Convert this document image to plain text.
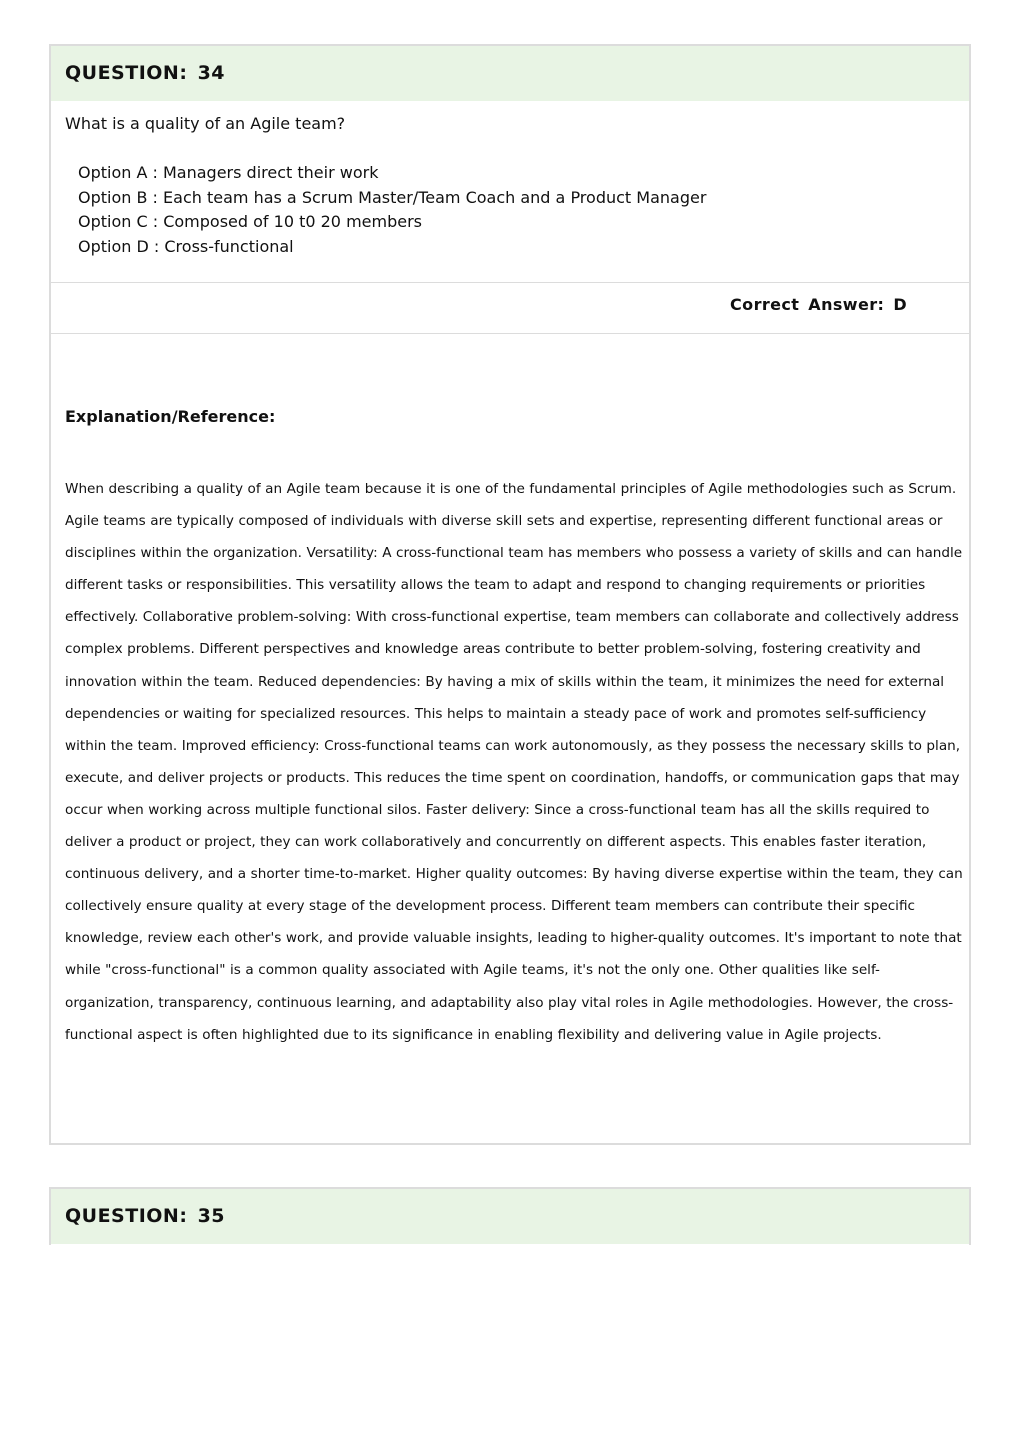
QUESTION: 34

What is a quality of an Agile team?

Option A : Managers direct their work
Option B : Each team has a Scrum Master/Team Coach and a Product Manager
Option C : Composed of 10 t0 20 members
Option D : Cross-functional
Correct Answer: D

Explanation/Reference:

When describing a quality of an Agile team because it is one of the fundamental principles of Agile methodologies such as Scrum. Agile teams are typically composed of individuals with diverse skill sets and expertise, representing different functional areas or disciplines within the organization. Versatility: A cross-functional team has members who possess a variety of skills and can handle different tasks or responsibilities. This versatility allows the team to adapt and respond to changing requirements or priorities effectively. Collaborative problem-solving: With cross-functional expertise, team members can collaborate and collectively address complex problems. Different perspectives and knowledge areas contribute to better problem-solving, fostering creativity and innovation within the team. Reduced dependencies: By having a mix of skills within the team, it minimizes the need for external dependencies or waiting for specialized resources. This helps to maintain a steady pace of work and promotes self-sufficiency within the team. Improved efficiency: Cross-functional teams can work autonomously, as they possess the necessary skills to plan, execute, and deliver projects or products. This reduces the time spent on coordination, handoffs, or communication gaps that may occur when working across multiple functional silos. Faster delivery: Since a cross-functional team has all the skills required to deliver a product or project, they can work collaboratively and concurrently on different aspects. This enables faster iteration, continuous delivery, and a shorter time-to-market. Higher quality outcomes: By having diverse expertise within the team, they can collectively ensure quality at every stage of the development process. Different team members can contribute their specific knowledge, review each other's work, and provide valuable insights, leading to higher-quality outcomes. It's important to note that while "cross-functional" is a common quality associated with Agile teams, it's not the only one. Other qualities like self-organization, transparency, continuous learning, and adaptability also play vital roles in Agile methodologies. However, the cross-functional aspect is often highlighted due to its significance in enabling flexibility and delivering value in Agile projects.

QUESTION: 35
